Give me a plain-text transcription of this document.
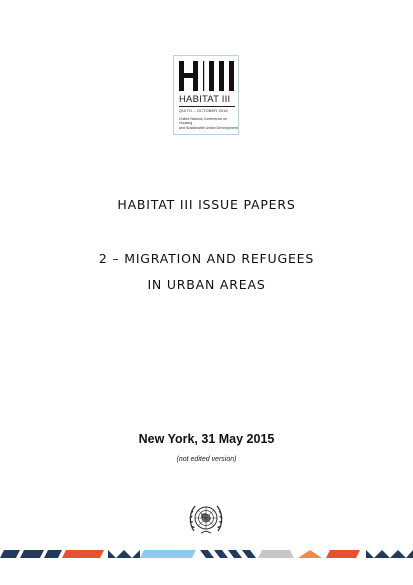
HABITAT III
QUITO – OCTOBER 2016
United Nations Conference on Housing
and Sustainable Urban Development
HABITAT III ISSUE PAPERS
2 – MIGRATION AND REFUGEES
IN URBAN AREAS
New York, 31 May 2015
(not edited version)
